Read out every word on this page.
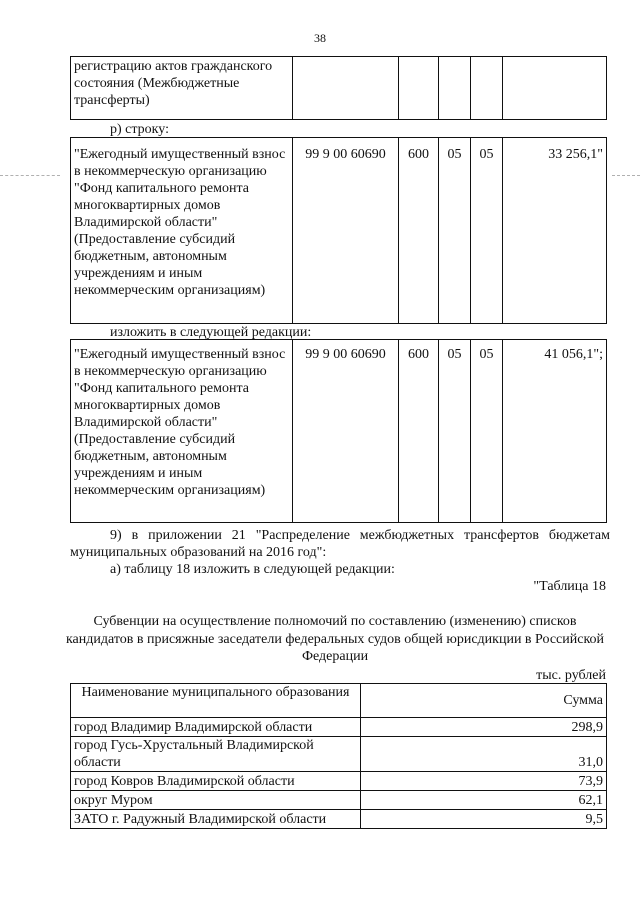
38
регистрацию актов гражданского состояния (Межбюджетные трансферты)					
р) строку:
"Ежегодный имущественный взнос в некоммерческую организацию "Фонд капитального ремонта многоквартирных домов Владимирской области" (Предоставление субсидий бюджетным, автономным учреждениям и иным некоммерческим организациям)	99 9 00 60690	600	05	05	33 256,1"
изложить в следующей редакции:
"Ежегодный имущественный взнос в некоммерческую организацию "Фонд капитального ремонта многоквартирных домов Владимирской области" (Предоставление субсидий бюджетным, автономным учреждениям и иным некоммерческим организациям)	99 9 00 60690	600	05	05	41 056,1";
9) в приложении 21 "Распределение межбюджетных трансфертов бюджетам муниципальных образований на 2016 год":
а) таблицу 18 изложить в следующей редакции:
"Таблица 18
Субвенции на осуществление полномочий по составлению (изменению) списков кандидатов в присяжные заседатели федеральных судов общей юрисдикции в Российской Федерации
тыс. рублей
Наименование муниципального образования	Сумма
город Владимир Владимирской области	298,9
город Гусь-Хрустальный Владимирской области	31,0
город Ковров Владимирской области	73,9
округ Муром	62,1
ЗАТО г. Радужный Владимирской области	9,5
